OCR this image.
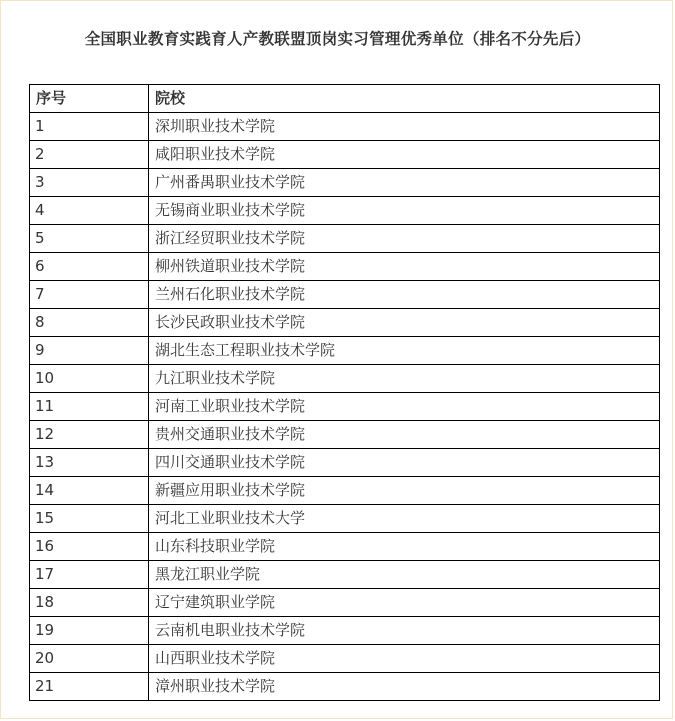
全国职业教育实践育人产教联盟顶岗实习管理优秀单位（排名不分先后）
序号	院校
1	深圳职业技术学院
2	咸阳职业技术学院
3	广州番禺职业技术学院
4	无锡商业职业技术学院
5	浙江经贸职业技术学院
6	柳州铁道职业技术学院
7	兰州石化职业技术学院
8	长沙民政职业技术学院
9	湖北生态工程职业技术学院
10	九江职业技术学院
11	河南工业职业技术学院
12	贵州交通职业技术学院
13	四川交通职业技术学院
14	新疆应用职业技术学院
15	河北工业职业技术大学
16	山东科技职业学院
17	黑龙江职业学院
18	辽宁建筑职业学院
19	云南机电职业技术学院
20	山西职业技术学院
21	漳州职业技术学院
